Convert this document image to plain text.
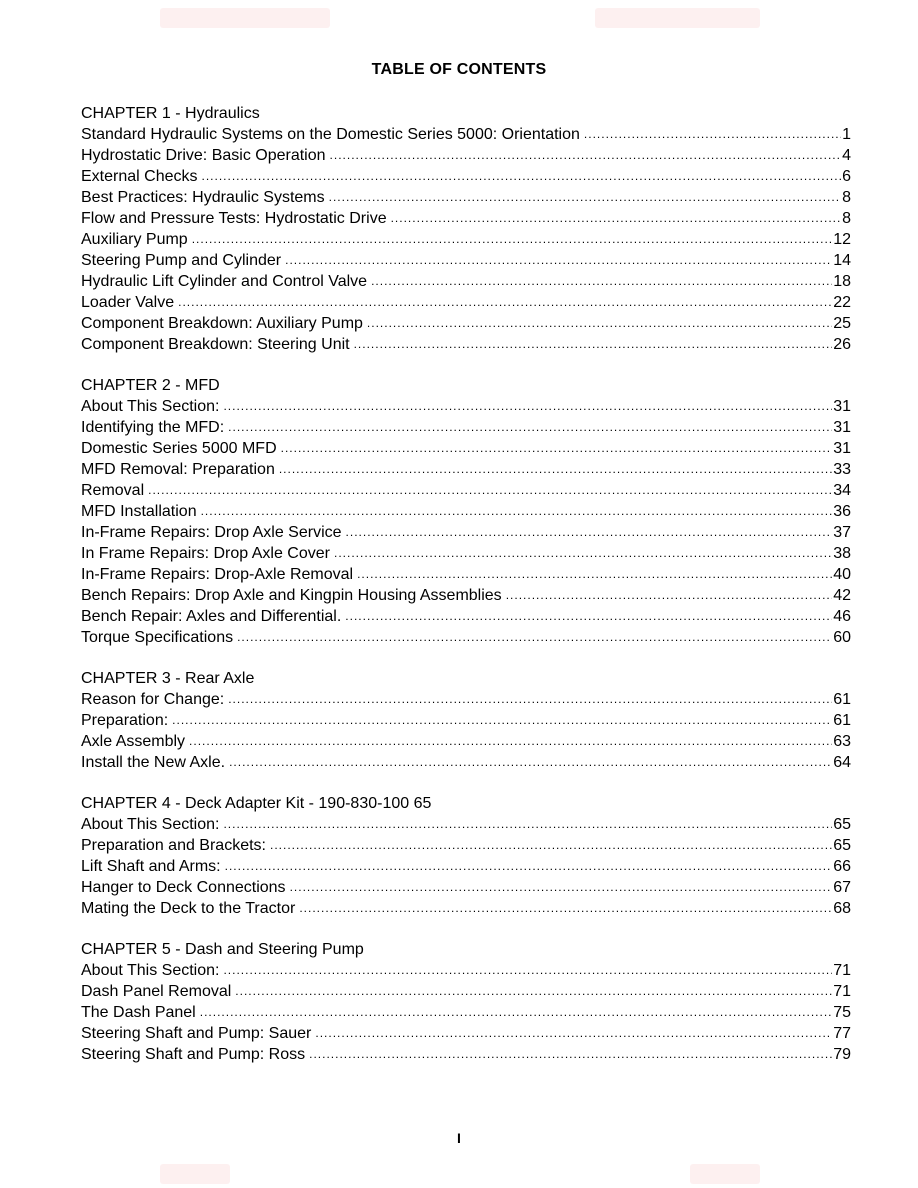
TABLE OF CONTENTS
CHAPTER 1 - Hydraulics
Standard Hydraulic Systems on the Domestic Series 5000: Orientation .....	1
Hydrostatic Drive: Basic Operation .....	4
External Checks .....	6
Best Practices: Hydraulic Systems .....	8
Flow and Pressure Tests: Hydrostatic Drive .....	8
Auxiliary Pump .....	12
Steering Pump and Cylinder .....	14
Hydraulic Lift Cylinder and Control Valve .....	18
Loader Valve .....	22
Component Breakdown: Auxiliary Pump .....	25
Component Breakdown: Steering Unit .....	26
CHAPTER 2 - MFD
About This Section: .....	31
Identifying the MFD: .....	31
Domestic Series 5000 MFD .....	31
MFD Removal: Preparation .....	33
Removal .....	34
MFD Installation .....	36
In-Frame Repairs: Drop Axle Service .....	37
In Frame Repairs: Drop Axle Cover .....	38
In-Frame Repairs: Drop-Axle Removal .....	40
Bench Repairs: Drop Axle and Kingpin Housing Assemblies .....	42
Bench Repair: Axles and Differential. .....	46
Torque Specifications .....	60
CHAPTER 3 - Rear Axle
Reason for Change: .....	61
Preparation: .....	61
Axle Assembly .....	63
Install the New Axle. .....	64
CHAPTER 4 - Deck Adapter Kit - 190-830-100 65
About This Section: .....	65
Preparation and Brackets: .....	65
Lift Shaft and Arms: .....	66
Hanger to Deck Connections .....	67
Mating the Deck to the Tractor .....	68
CHAPTER 5 - Dash and Steering Pump
About This Section: .....	71
Dash Panel Removal .....	71
The Dash Panel .....	75
Steering Shaft and Pump: Sauer .....	77
Steering Shaft and Pump: Ross .....	79
I
